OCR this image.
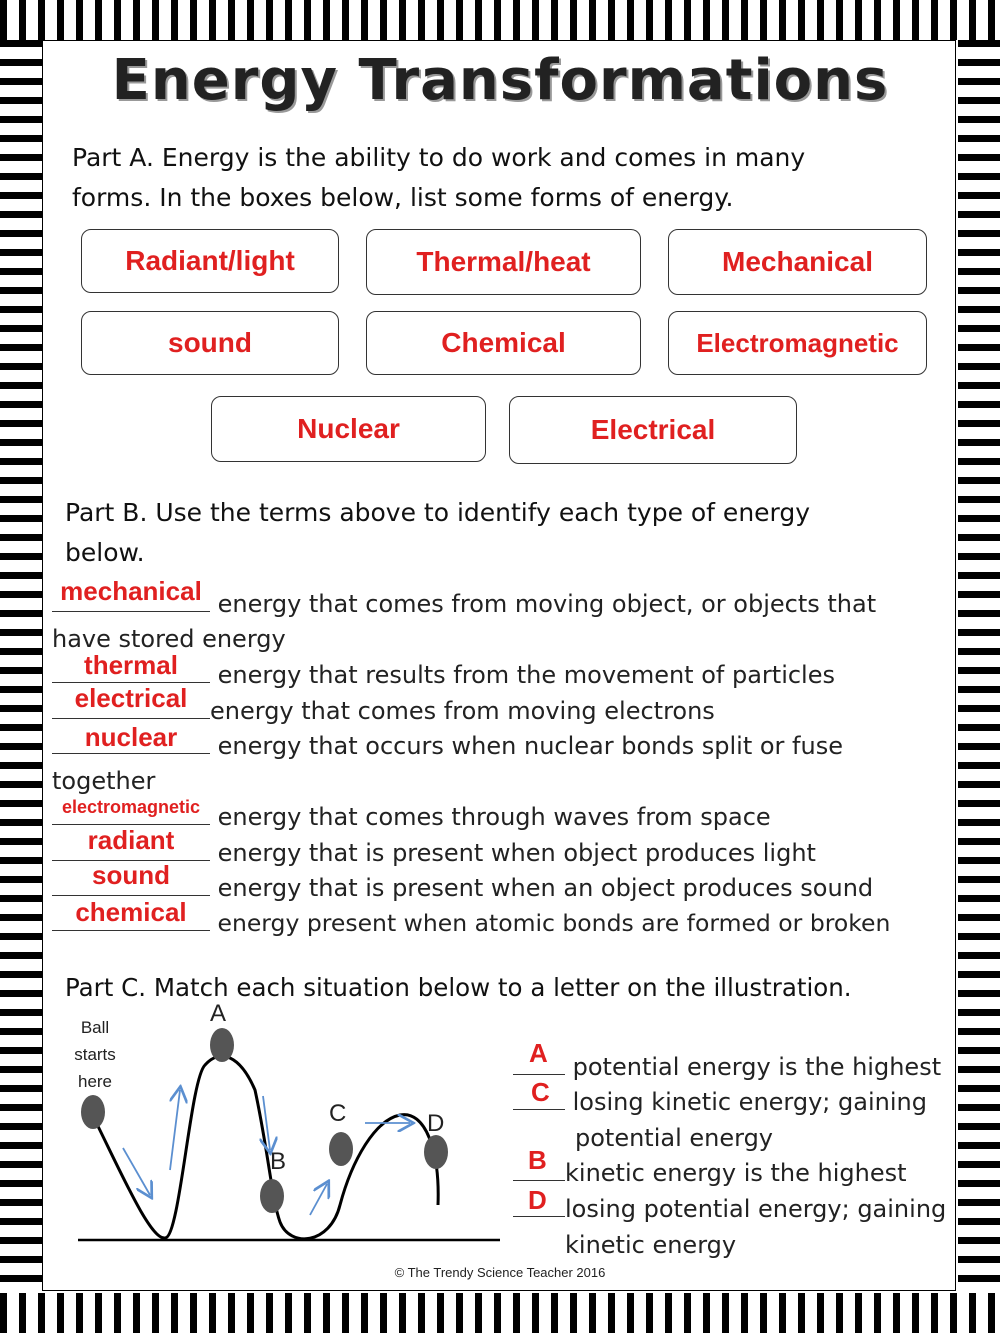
Energy Transformations
Part A. Energy is the ability to do work and comes in many
forms. In the boxes below, list some forms of energy.
Radiant/light	Thermal/heat	Mechanical
sound	Chemical	Electromagnetic
Nuclear	Electrical
Part B. Use the terms above to identify each type of energy
below.
mechanical energy that comes from moving object, or objects that
have stored energy
thermal	energy that results from the movement of particles
electrical energy that comes from moving electrons
nuclear	energy that occurs when nuclear bonds split or fuse
together
electromagnetic energy that comes through waves from space
radiant	energy that is present when object produces light
sound	energy that is present when an object produces sound
chemical	energy present when atomic bonds are formed or broken
Part C. Match each situation below to a letter on the illustration.
Ball
starts
here
A
B
C	D
A	potential energy is the highest
C losing kinetic energy; gaining
potential energy
B kinetic energy is the highest
D losing potential energy; gaining
kinetic energy
© The Trendy Science Teacher 2016
